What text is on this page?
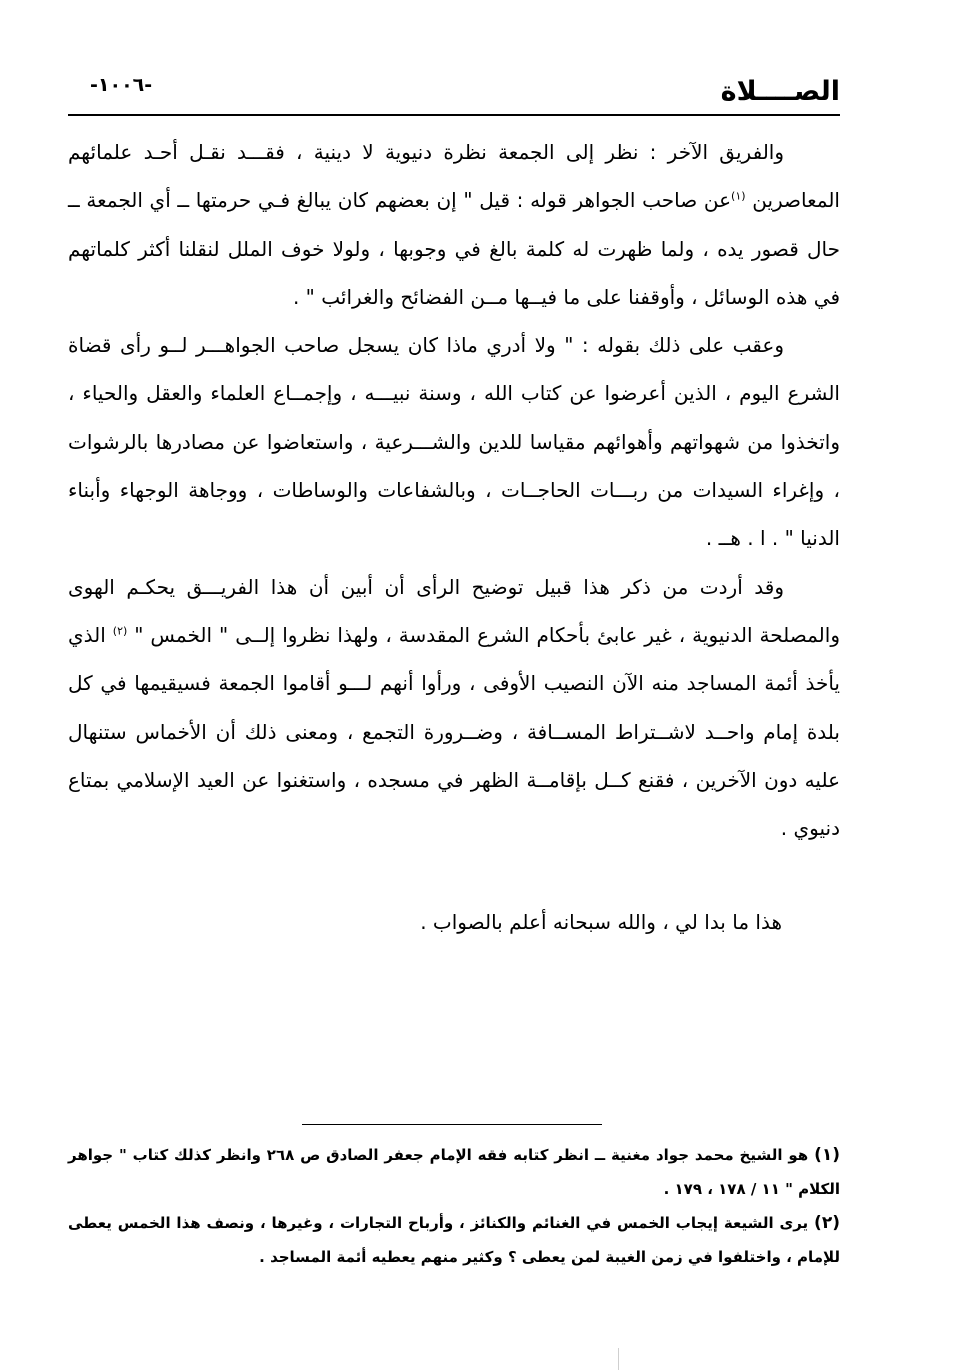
الصــــلاة
-١٠٠٦-

والفريق الآخر : نظر إلى الجمعة نظرة دنيوية لا دينية ، فقـــد نقـل أحـد علمائهم المعاصرين $^{(١)}$عن صاحب الجواهر قوله : قيل " إن بعضهم كان يبالغ فـي حرمتها ــ أي الجمعة ــ حال قصور يده ، ولما ظهرت له كلمة بالغ في وجوبها ، ولولا خوف الملل لنقلنا أكثر كلماتهم في هذه الوسائل ، وأوقفنا على ما فيــها مــن الفضائح والغرائب " .

وعقب على ذلك بقوله : " ولا أدري ماذا كان يسجل صاحب الجواهـــر لــو رأى قضاة الشرع اليوم ، الذين أعرضوا عن كتاب الله ، وسنة نبيـــه ، وإجمــاع العلماء والعقل والحياء ، واتخذوا من شهواتهم وأهوائهم مقياسا للدين والشـــرعية ، واستعاضوا عن مصادرها بالرشوات ، وإغراء السيدات من ربـــات الحاجــات ، وبالشفاعات والوساطات ، ووجاهة الوجهاء وأبناء الدنيا " . ا . هــ .

وقد أردت من ذكر هذا قبيل توضيح الرأى أن أبين أن هذا الفريـــق يحكـم الهوى والمصلحة الدنيوية ، غير عابئ بأحكام الشرع المقدسة ، ولهذا نظروا إلــى " الخمس " $^{(٢)}$ الذي يأخذ أئمة المساجد منه الآن النصيب الأوفى ، ورأوا أنهم لـــو أقاموا الجمعة فسيقيمها في كل بلدة إمام واحــد لاشــتراط المســافة ، وضــرورة التجمع ، ومعنى ذلك أن الأخماس ستنهال عليه دون الآخرين ، فقنع كــل بإقامــة الظهر في مسجده ، واستغنوا عن العيد الإسلامي بمتاع دنيوي .

هذا ما بدا لي ، والله سبحانه أعلم بالصواب .

(١) هو الشيخ محمد جواد مغنية ــ انظر كتابه فقه الإمام جعفر الصادق ص ٢٦٨ وانظر كذلك كتاب " جواهر الكلام " ١١ / ١٧٨ ، ١٧٩ .

(٢) يرى الشيعة إيجاب الخمس في الغنائم والكنائز ، وأرباح التجارات ، وغيرها ، ونصف هذا الخمس يعطى للإمام ، واختلفوا في زمن الغيبة لمن يعطى ؟ وكثير منهم يعطيه أئمة المساجد .
